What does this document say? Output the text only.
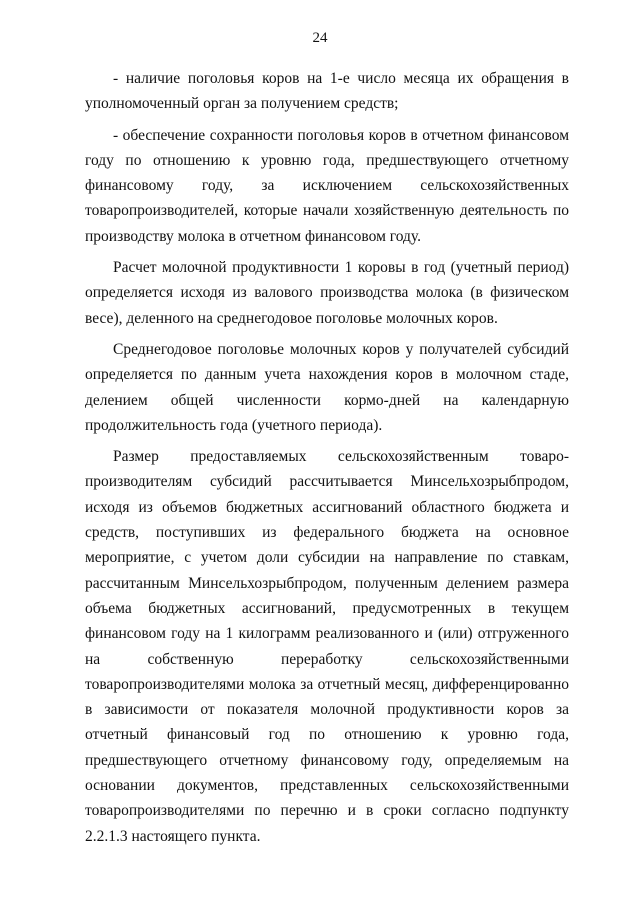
24

- наличие поголовья коров на 1-е число месяца их обращения в уполномоченный орган за получением средств;

- обеспечение сохранности поголовья коров в отчетном финансовом году по отношению к уровню года, предшествующего отчетному финансовому году, за исключением сельскохозяйственных товаропроизводителей, которые начали хозяйственную деятельность по производству молока в отчетном финансовом году.

Расчет молочной продуктивности 1 коровы в год (учетный период) определяется исходя из валового производства молока (в физическом весе), деленного на среднегодовое поголовье молочных коров.

Среднегодовое поголовье молочных коров у получателей субсидий определяется по данным учета нахождения коров в молочном стаде, делением общей численности кормо-дней на календарную продолжительность года (учетного периода).

Размер предоставляемых сельскохозяйственным товаро-производителям субсидий рассчитывается Минсельхозрыбпродом, исходя из объемов бюджетных ассигнований областного бюджета и средств, поступивших из федерального бюджета на основное мероприятие, с учетом доли субсидии на направление по ставкам, рассчитанным Минсельхозрыбпродом, полученным делением размера объема бюджетных ассигнований, предусмотренных в текущем финансовом году на 1 килограмм реализованного и (или) отгруженного на собственную переработку сельскохозяйственными товаропроизводителями молока за отчетный месяц, дифференцированно в зависимости от показателя молочной продуктивности коров за отчетный финансовый год по отношению к уровню года, предшествующего отчетному финансовому году, определяемым на основании документов, представленных сельскохозяйственными товаропроизводителями по перечню и в сроки согласно подпункту 2.2.1.3 настоящего пункта.
